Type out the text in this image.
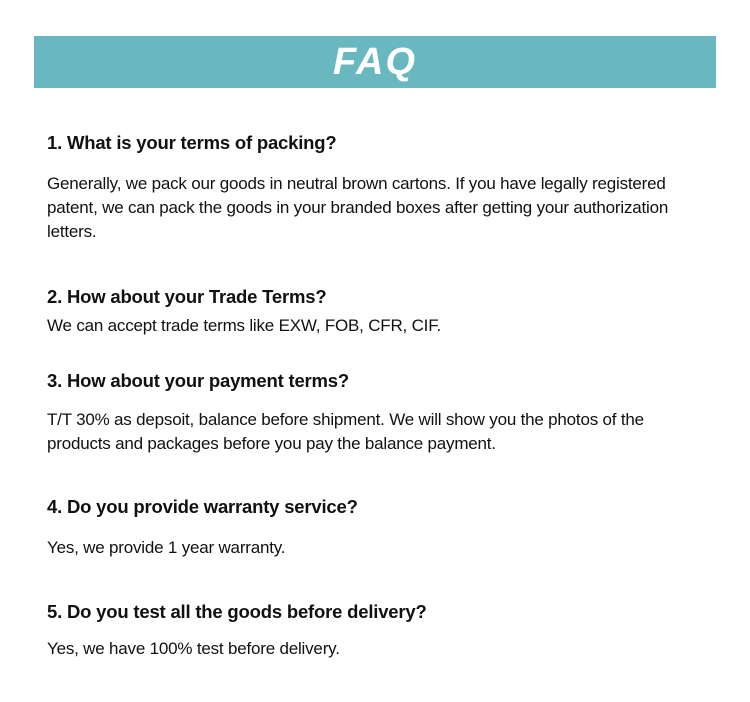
FAQ
1. What is your terms of packing?
Generally, we pack our goods in neutral brown cartons. If you have legally registered patent, we can pack the goods in your branded boxes after getting your authorization letters.
2. How about your Trade Terms?
We can accept trade terms like EXW, FOB, CFR, CIF.
3. How about your payment terms?
T/T 30% as depsoit, balance before shipment. We will show you the photos of the products and packages before you pay the balance payment.
4. Do you provide warranty service?
Yes, we provide 1 year warranty.
5. Do you test all the goods before delivery?
Yes, we have 100% test before delivery.
